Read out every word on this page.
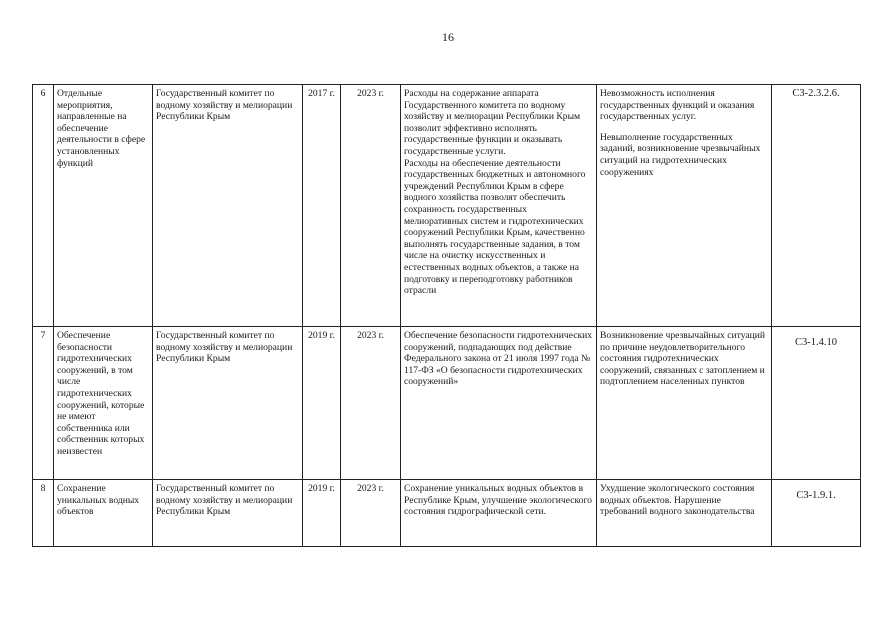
16
6	Отдельные мероприятия, направленные на обеспечение деятельности в сфере установленных функций	Государственный комитет по водному хозяйству и мелиорации Республики Крым	2017 г.	2023 г.	Расходы на содержание аппарата Государственного комитета по водному хозяйству и мелиорации Республики Крым позволит эффективно исполнять государственные функции и оказывать государственные услуги.
Расходы на обеспечение деятельности государственных бюджетных и автономного учреждений Республики Крым в сфере водного хозяйства позволят обеспечить сохранность государственных мелиоративных систем и гидротехнических сооружений Республики Крым, качественно выполнять государственные задания, в том числе на очистку искусственных и естественных водных объектов, а также на подготовку и переподготовку работников отрасли	Невозможность исполнения государственных функций и оказания государственных услуг.
Невыполнение государственных заданий, возникновение чрезвычайных ситуаций на гидротехнических сооружениях	С3-2.3.2.6.
7	Обеспечение безопасности гидротехнических сооружений, в том числе гидротехнических сооружений, которые не имеют собственника или собственник которых неизвестен	Государственный комитет по водному хозяйству и мелиорации Республики Крым	2019 г.	2023 г.	Обеспечение безопасности гидротехнических сооружений, подпадающих под действие Федерального закона от 21 июля 1997 года № 117-ФЗ «О безопасности гидротехнических сооружений»	Возникновение чрезвычайных ситуаций по причине неудовлетворительного состояния гидротехнических сооружений, связанных с затоплением и подтоплением населенных пунктов	С3-1.4.10
8	Сохранение уникальных водных объектов	Государственный комитет по водному хозяйству и мелиорации Республики Крым	2019 г.	2023 г.	Сохранение уникальных водных объектов в Республике Крым, улучшение экологического состояния гидрографической сети.	Ухудшение экологического состояния водных объектов. Нарушение требований водного законодательства	С3-1.9.1.
